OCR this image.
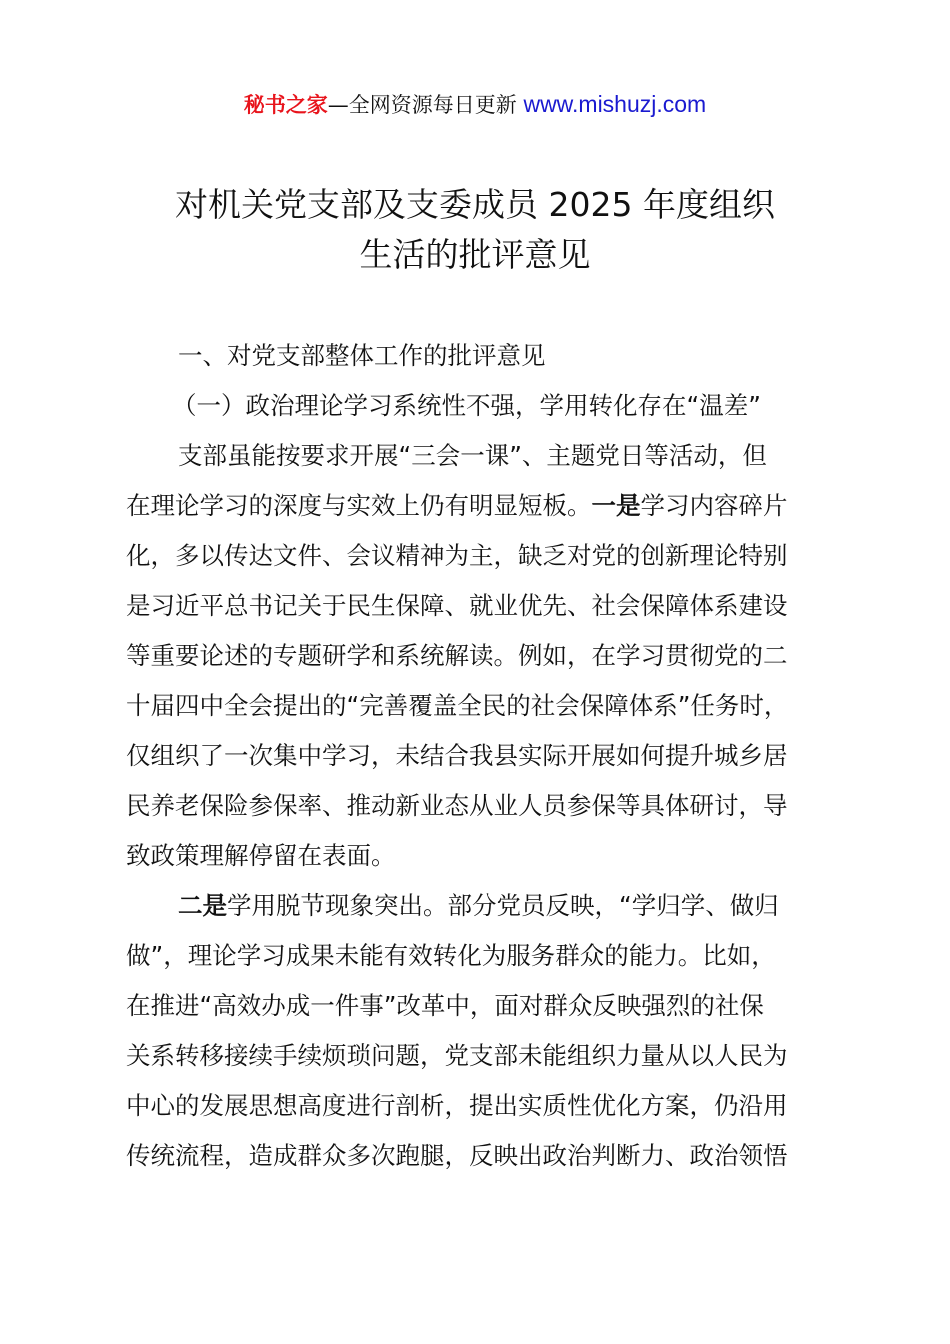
秘书之家—全网资源每日更新 www.mishuzj.com
对机关党支部及支委成员 2025 年度组织
生活的批评意见
一、对党支部整体工作的批评意见
（一）政治理论学习系统性不强，学用转化存在“温差”
支部虽能按要求开展“三会一课”、主题党日等活动，但
在理论学习的深度与实效上仍有明显短板。一是学习内容碎片
化，多以传达文件、会议精神为主，缺乏对党的创新理论特别
是习近平总书记关于民生保障、就业优先、社会保障体系建设
等重要论述的专题研学和系统解读。例如，在学习贯彻党的二
十届四中全会提出的“完善覆盖全民的社会保障体系”任务时，
仅组织了一次集中学习，未结合我县实际开展如何提升城乡居
民养老保险参保率、推动新业态从业人员参保等具体研讨，导
致政策理解停留在表面。
二是学用脱节现象突出。部分党员反映，“学归学、做归
做”，理论学习成果未能有效转化为服务群众的能力。比如，
在推进“高效办成一件事”改革中，面对群众反映强烈的社保
关系转移接续手续烦琐问题，党支部未能组织力量从以人民为
中心的发展思想高度进行剖析，提出实质性优化方案，仍沿用
传统流程，造成群众多次跑腿，反映出政治判断力、政治领悟
